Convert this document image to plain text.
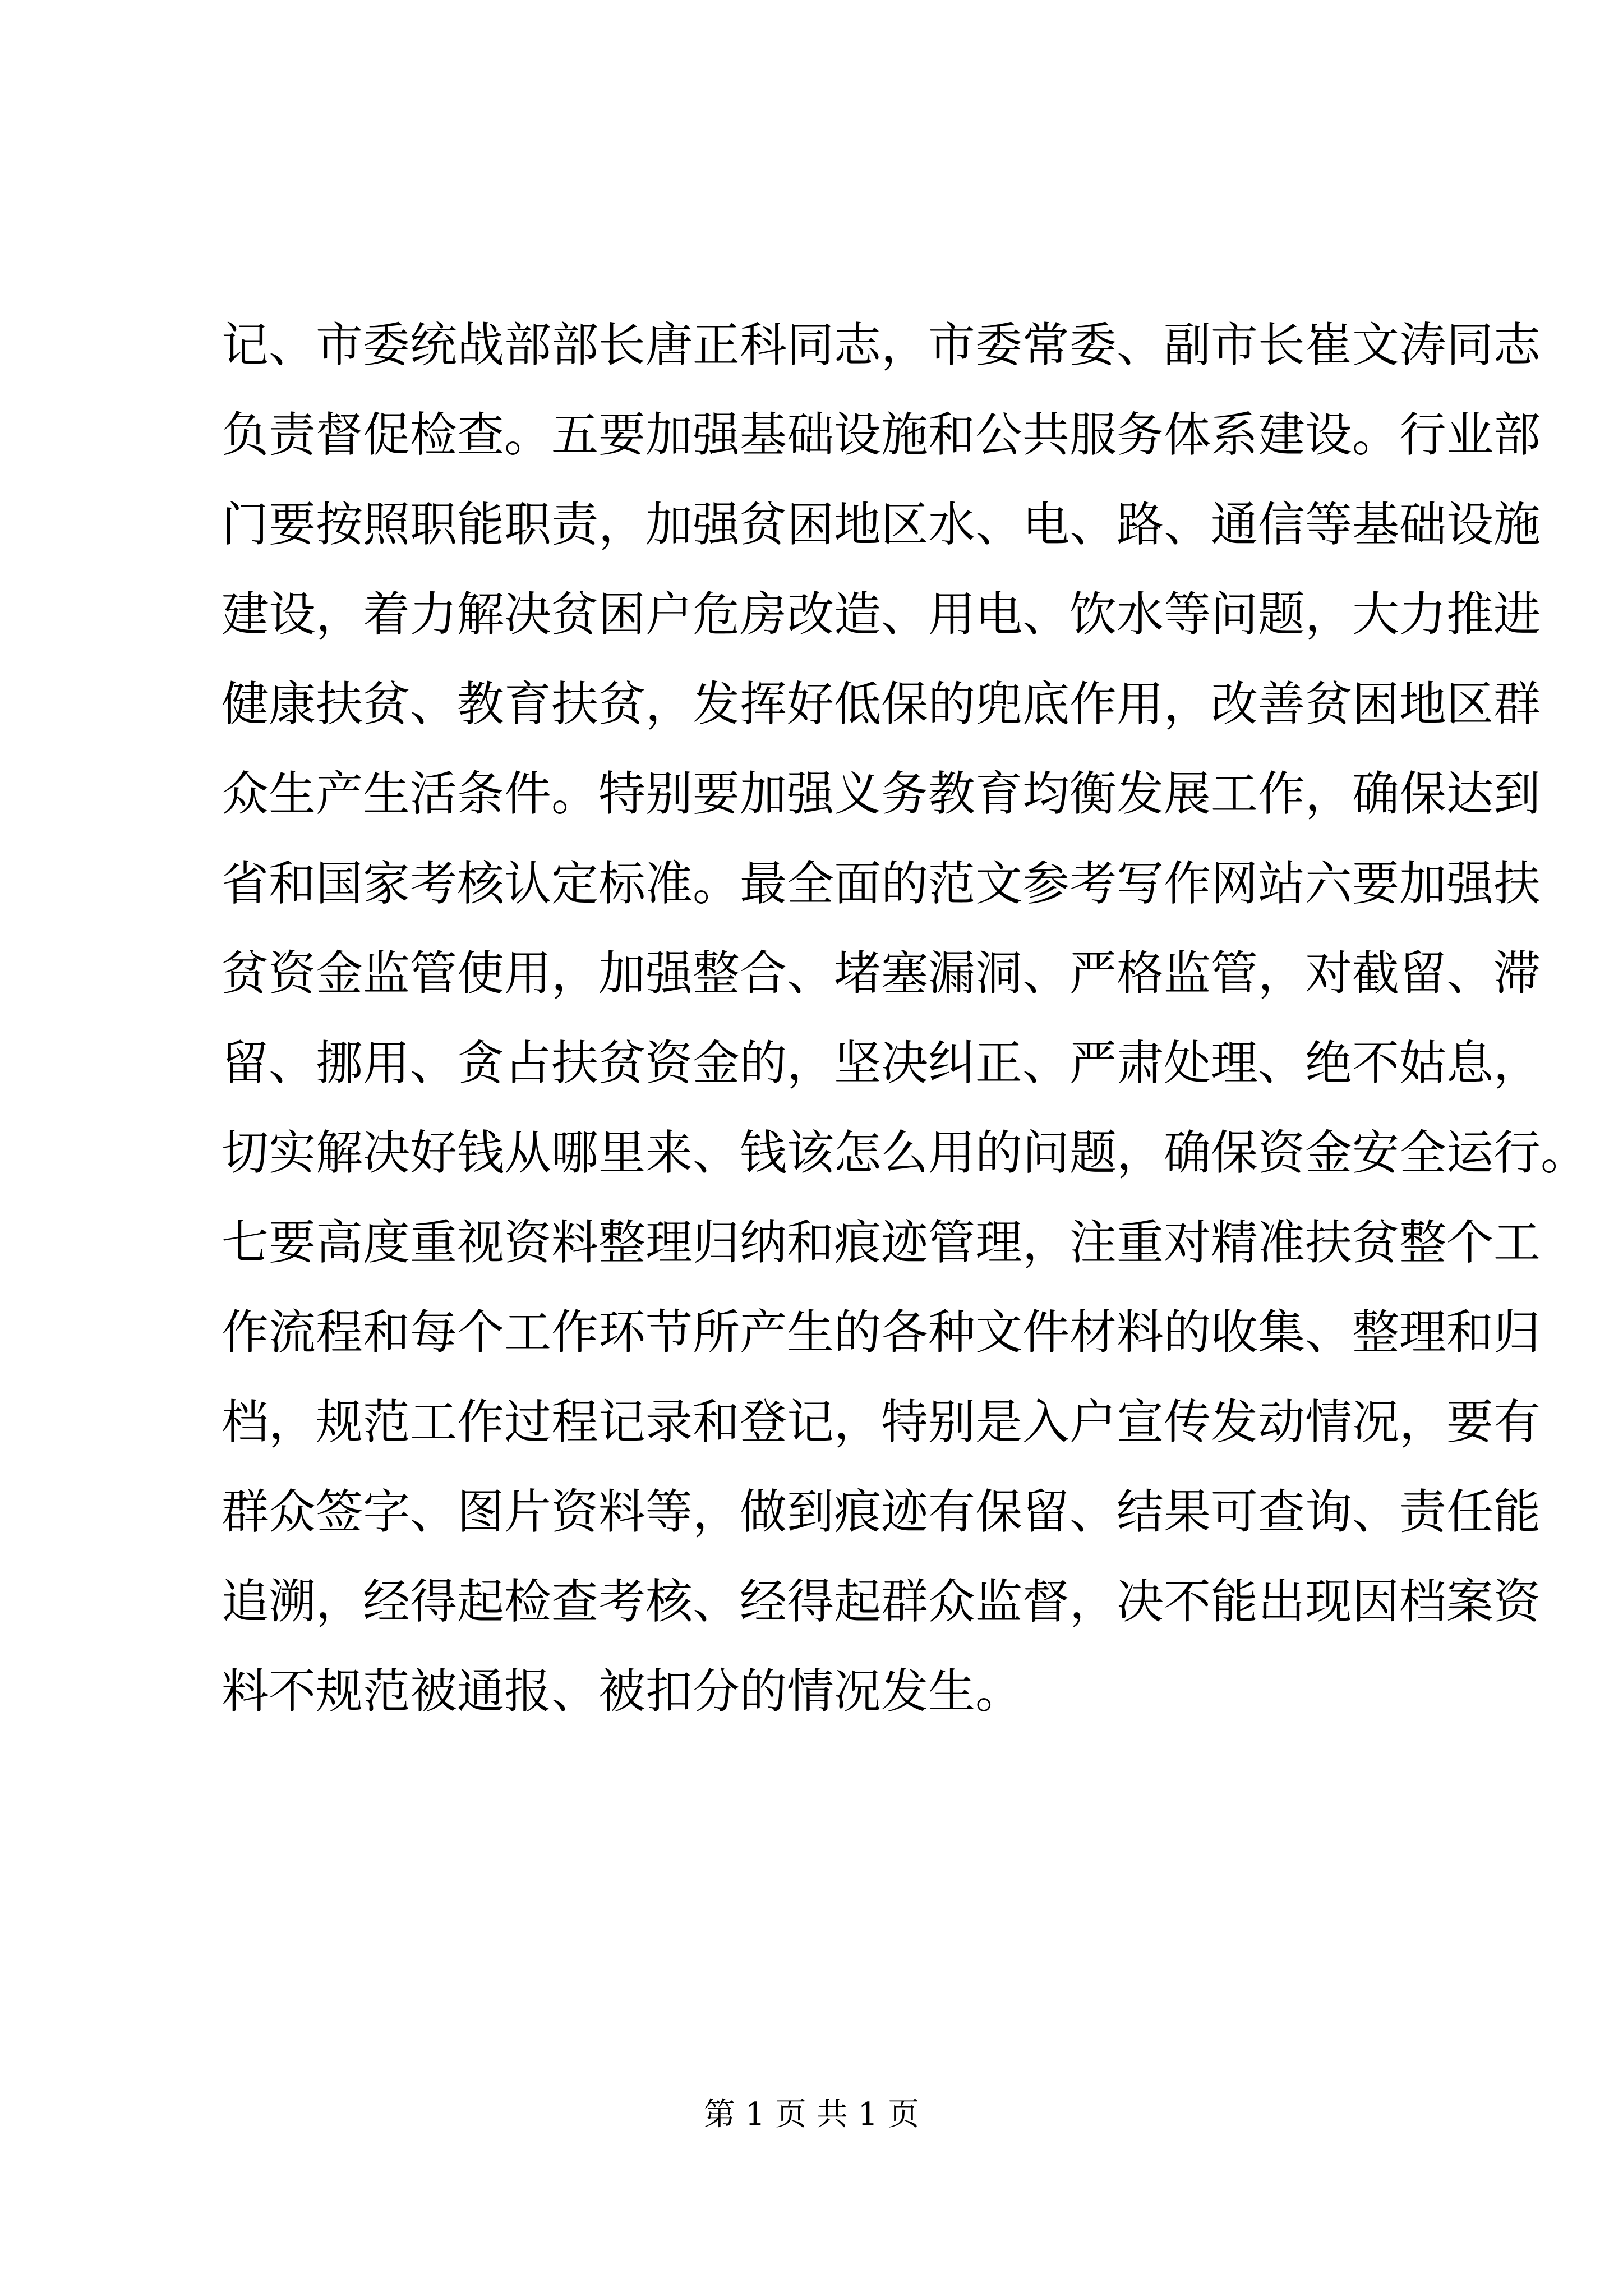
记、市委统战部部长唐正科同志，市委常委、副市长崔文涛同志
负责督促检查。五要加强基础设施和公共服务体系建设。行业部
门要按照职能职责，加强贫困地区水、电、路、通信等基础设施
建设，着力解决贫困户危房改造、用电、饮水等问题，大力推进
健康扶贫、教育扶贫，发挥好低保的兜底作用，改善贫困地区群
众生产生活条件。特别要加强义务教育均衡发展工作，确保达到
省和国家考核认定标准。最全面的范文参考写作网站六要加强扶
贫资金监管使用，加强整合、堵塞漏洞、严格监管，对截留、滞
留、挪用、贪占扶贫资金的，坚决纠正、严肃处理、绝不姑息，
切实解决好钱从哪里来、钱该怎么用的问题，确保资金安全运行。
七要高度重视资料整理归纳和痕迹管理，注重对精准扶贫整个工
作流程和每个工作环节所产生的各种文件材料的收集、整理和归
档，规范工作过程记录和登记，特别是入户宣传发动情况，要有
群众签字、图片资料等，做到痕迹有保留、结果可查询、责任能
追溯，经得起检查考核、经得起群众监督，决不能出现因档案资
料不规范被通报、被扣分的情况发生。
第 1 页 共 1 页
